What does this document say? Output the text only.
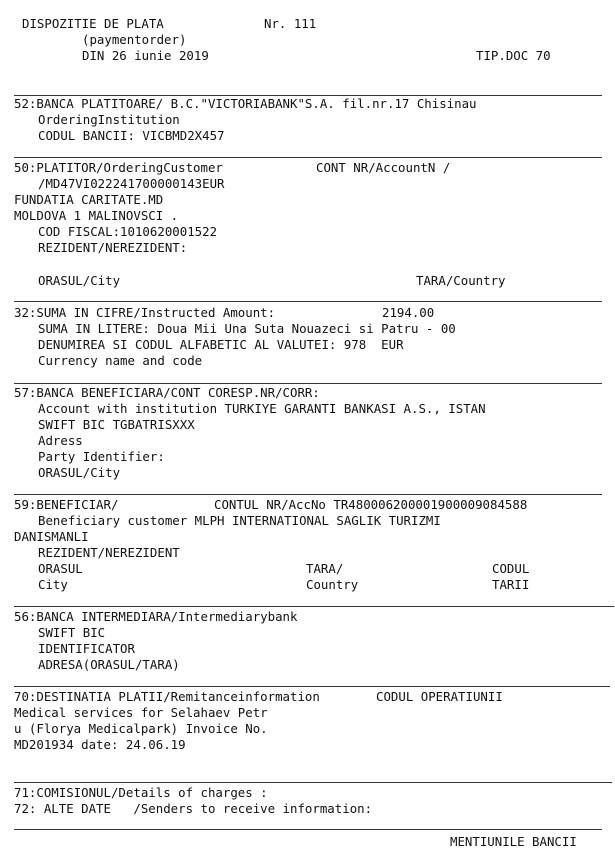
DISPOZITIE DE PLATA	Nr. 111
(paymentorder)
DIN 26 iunie 2019	TIP.DOC 70
52:BANCA PLATITOARE/ B.C."VICTORIABANK"S.A. fil.nr.17 Chisinau
OrderingInstitution
CODUL BANCII: VICBMD2X457
50:PLATITOR/OrderingCustomer	CONT NR/AccountN /
/MD47VI022241700000143EUR
FUNDATIA CARITATE.MD
MOLDOVA 1 MALINOVSCI .
COD FISCAL:1010620001522
REZIDENT/NEREZIDENT:
ORASUL/City	TARA/Country
32:SUMA IN CIFRE/Instructed Amount:	2194.00
SUMA IN LITERE: Doua Mii Una Suta Nouazeci si Patru - 00
DENUMIREA SI CODUL ALFABETIC AL VALUTEI: 978  EUR
Currency name and code
57:BANCA BENEFICIARA/CONT CORESP.NR/CORR:
Account with institution TURKIYE GARANTI BANKASI A.S., ISTAN
SWIFT BIC TGBATRISXXX
Adress
Party Identifier:
ORASUL/City
59:BENEFICIAR/	CONTUL NR/AccNo TR480006200001900009084588
Beneficiary customer MLPH INTERNATIONAL SAGLIK TURIZMI
DANISMANLI
REZIDENT/NEREZIDENT
ORASUL	TARA/	CODUL
City	Country	TARII
56:BANCA INTERMEDIARA/Intermediarybank
SWIFT BIC
IDENTIFICATOR
ADRESA(ORASUL/TARA)
70:DESTINATIA PLATII/Remitanceinformation	CODUL OPERATIUNII
Medical services for Selahaev Petr
u (Florya Medicalpark) Invoice No.
MD201934 date: 24.06.19
71:COMISIONUL/Details of charges :
72: ALTE DATE   /Senders to receive information:
MENTIUNILE BANCII
